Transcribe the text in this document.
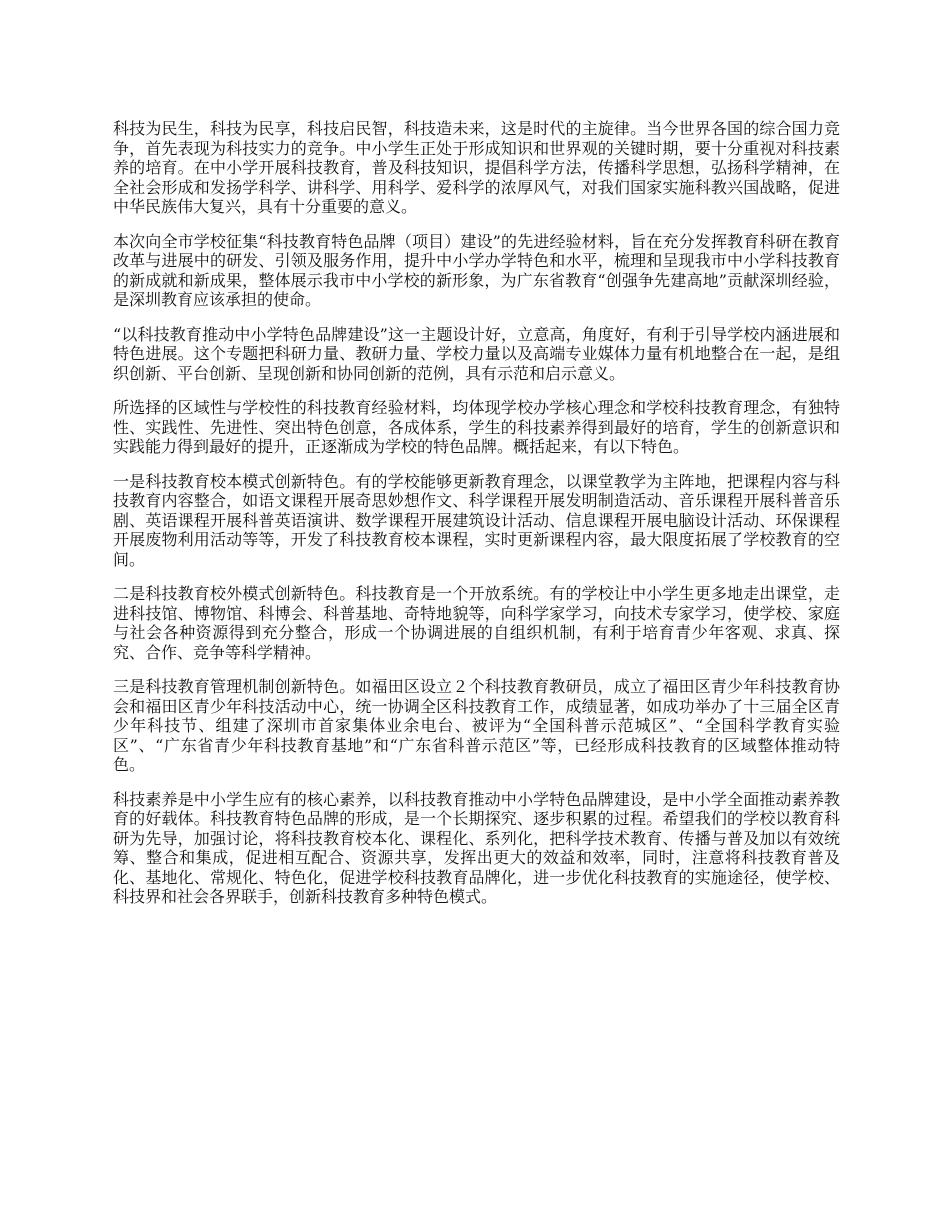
科技为民生，科技为民享，科技启民智，科技造未来，这是时代的主旋律。当今世界各国的综合国力竞争，首先表现为科技实力的竞争。中小学生正处于形成知识和世界观的关键时期，要十分重视对科技素养的培育。在中小学开展科技教育，普及科技知识，提倡科学方法，传播科学思想，弘扬科学精神，在全社会形成和发扬学科学、讲科学、用科学、爱科学的浓厚风气，对我们国家实施科教兴国战略，促进中华民族伟大复兴，具有十分重要的意义。

本次向全市学校征集“科技教育特色品牌（项目）建设”的先进经验材料，旨在充分发挥教育科研在教育改革与进展中的研发、引领及服务作用，提升中小学办学特色和水平，梳理和呈现我市中小学科技教育的新成就和新成果，整体展示我市中小学校的新形象，为广东省教育“创强争先建高地”贡献深圳经验，是深圳教育应该承担的使命。

“以科技教育推动中小学特色品牌建设”这一主题设计好，立意高，角度好，有利于引导学校内涵进展和特色进展。这个专题把科研力量、教研力量、学校力量以及高端专业媒体力量有机地整合在一起，是组织创新、平台创新、呈现创新和协同创新的范例，具有示范和启示意义。

所选择的区域性与学校性的科技教育经验材料，均体现学校办学核心理念和学校科技教育理念，有独特性、实践性、先进性、突出特色创意，各成体系，学生的科技素养得到最好的培育，学生的创新意识和实践能力得到最好的提升，正逐渐成为学校的特色品牌。概括起来，有以下特色。

一是科技教育校本模式创新特色。有的学校能够更新教育理念，以课堂教学为主阵地，把课程内容与科技教育内容整合，如语文课程开展奇思妙想作文、科学课程开展发明制造活动、音乐课程开展科普音乐剧、英语课程开展科普英语演讲、数学课程开展建筑设计活动、信息课程开展电脑设计活动、环保课程开展废物利用活动等等，开发了科技教育校本课程，实时更新课程内容，最大限度拓展了学校教育的空间。

二是科技教育校外模式创新特色。科技教育是一个开放系统。有的学校让中小学生更多地走出课堂，走进科技馆、博物馆、科博会、科普基地、奇特地貌等，向科学家学习，向技术专家学习，使学校、家庭与社会各种资源得到充分整合，形成一个协调进展的自组织机制，有利于培育青少年客观、求真、探究、合作、竞争等科学精神。

三是科技教育管理机制创新特色。如福田区设立２个科技教育教研员，成立了福田区青少年科技教育协会和福田区青少年科技活动中心，统一协调全区科技教育工作，成绩显著，如成功举办了十三届全区青少年科技节、组建了深圳市首家集体业余电台、被评为“全国科普示范城区”、“全国科学教育实验区”、“广东省青少年科技教育基地”和“广东省科普示范区”等，已经形成科技教育的区域整体推动特色。

科技素养是中小学生应有的核心素养，以科技教育推动中小学特色品牌建设，是中小学全面推动素养教育的好载体。科技教育特色品牌的形成，是一个长期探究、逐步积累的过程。希望我们的学校以教育科研为先导，加强讨论，将科技教育校本化、课程化、系列化，把科学技术教育、传播与普及加以有效统筹、整合和集成，促进相互配合、资源共享，发挥出更大的效益和效率，同时，注意将科技教育普及化、基地化、常规化、特色化，促进学校科技教育品牌化，进一步优化科技教育的实施途径，使学校、科技界和社会各界联手，创新科技教育多种特色模式。
